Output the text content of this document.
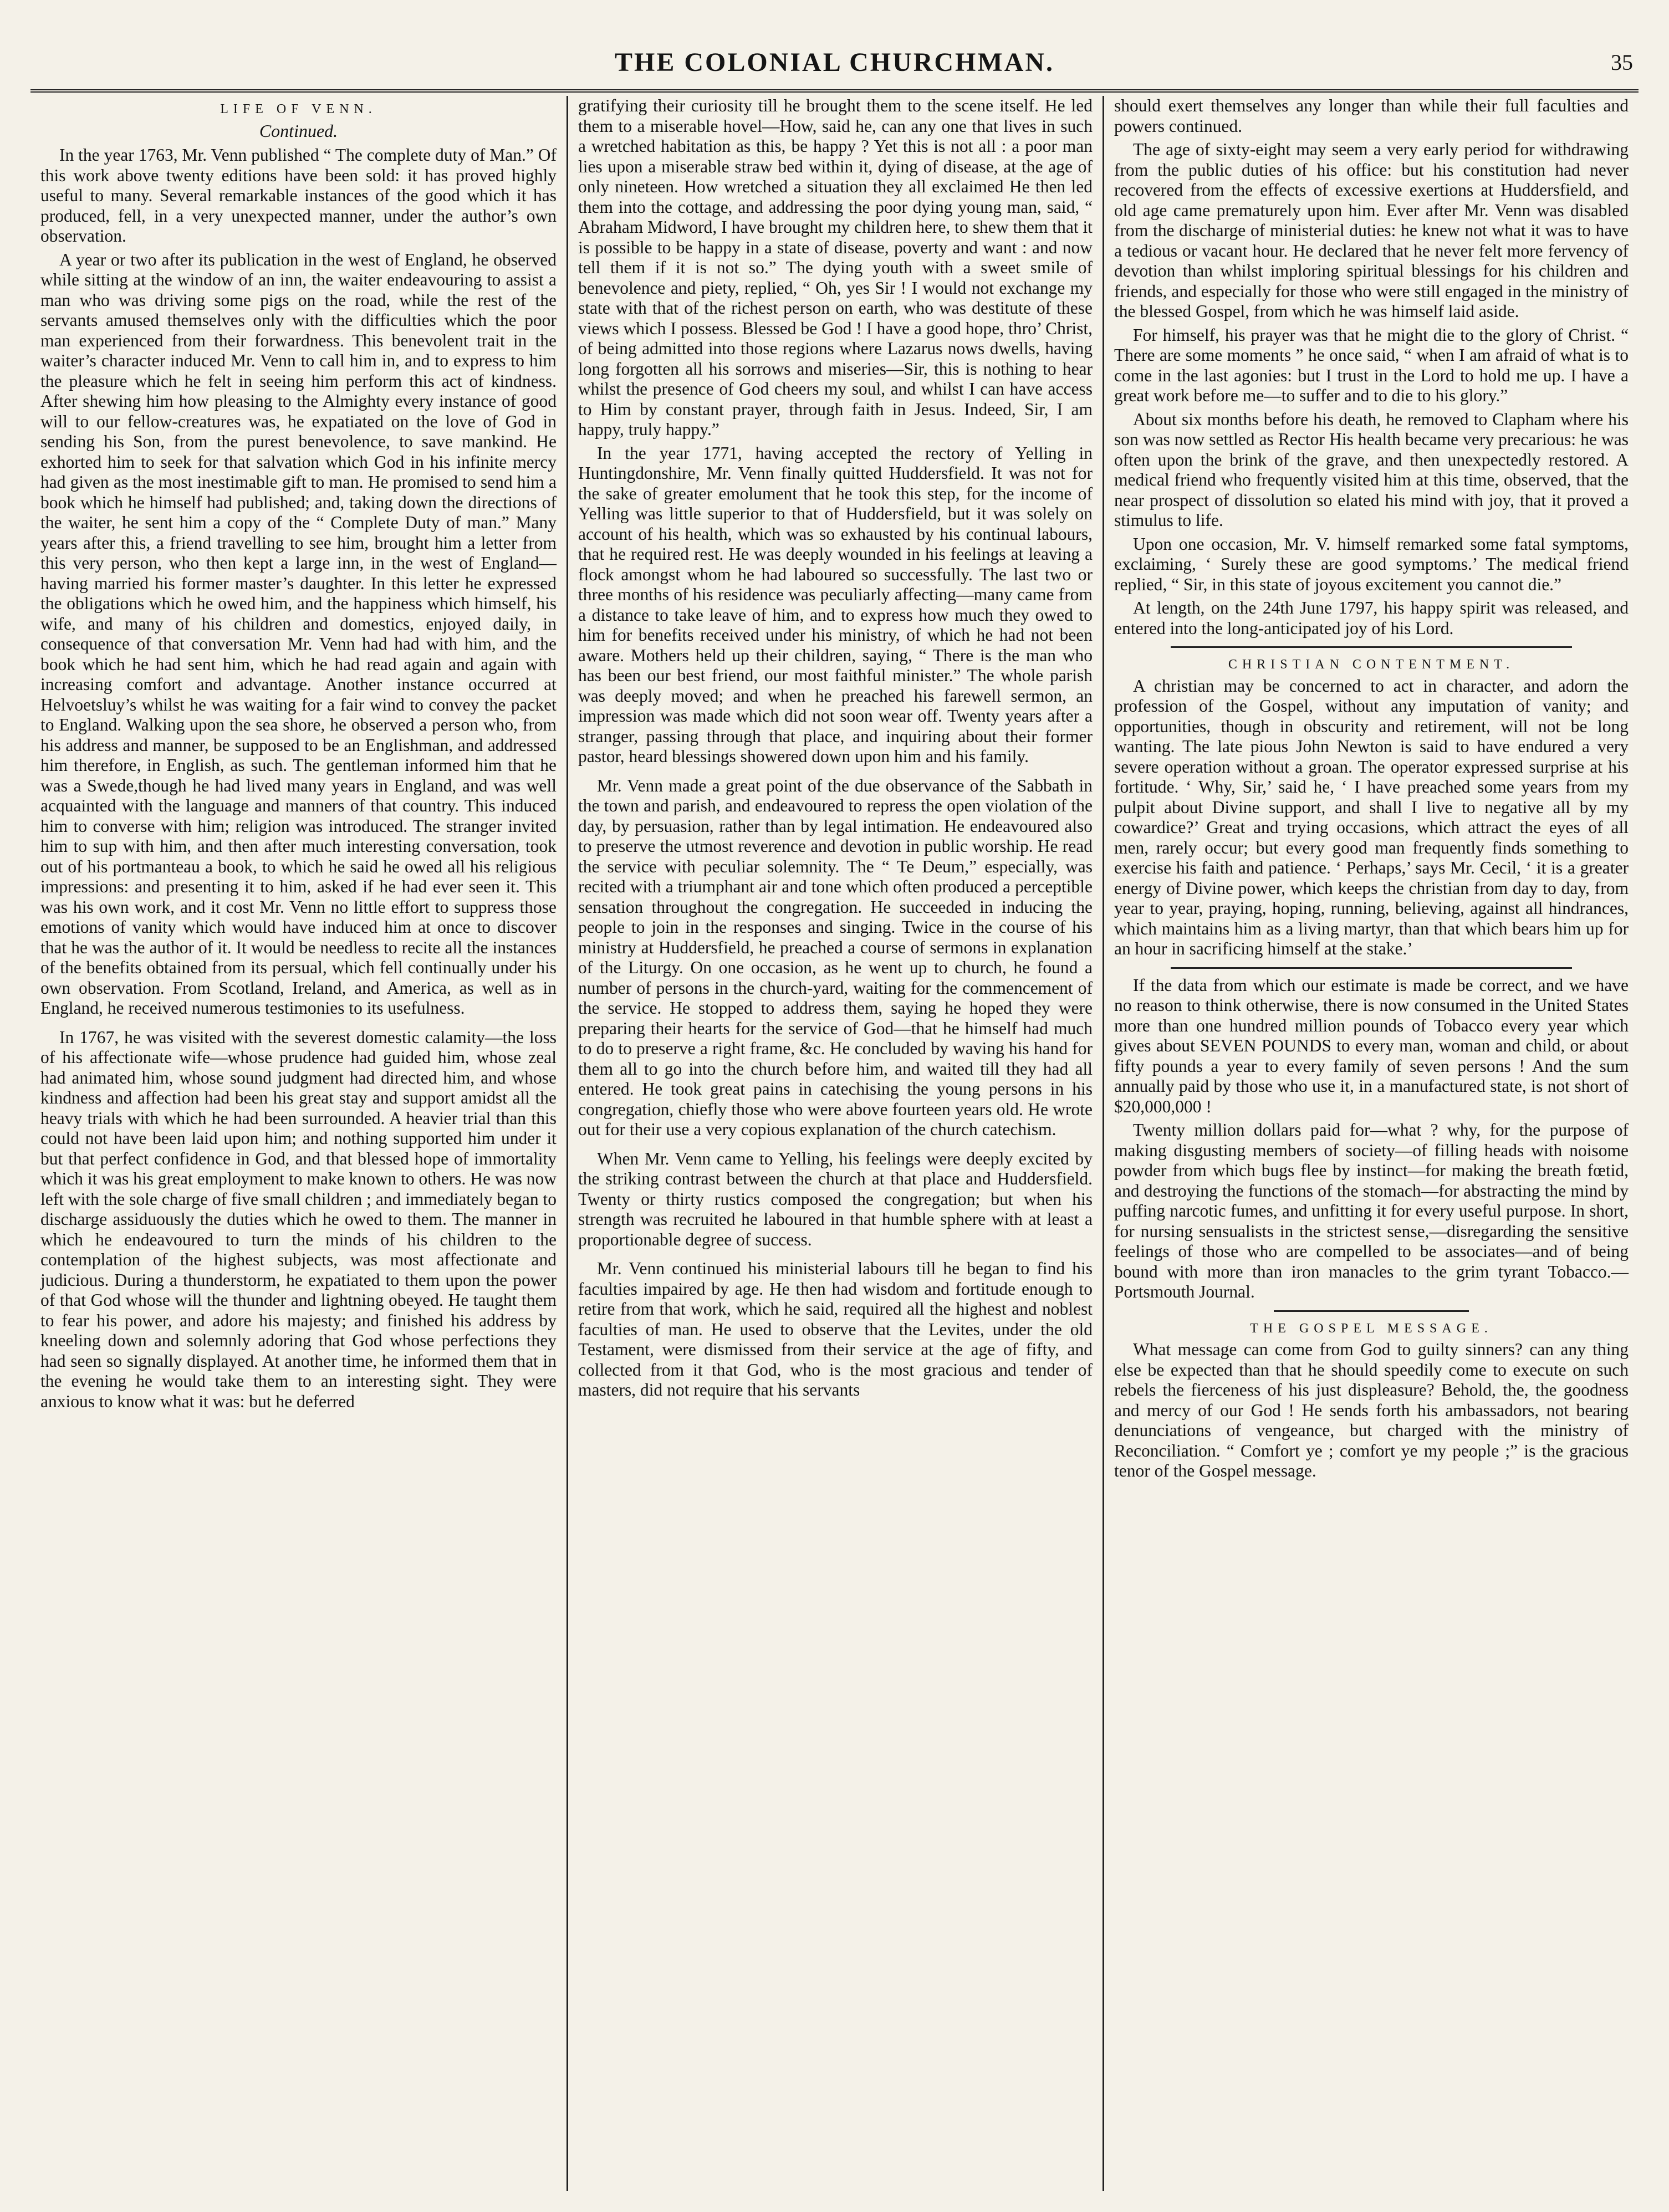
THE COLONIAL CHURCHMAN.	35
LIFE OF VENN.
Continued.

In the year 1763, Mr. Venn published “ The complete duty of Man.” Of this work above twenty editions have been sold: it has proved highly useful to many. Several remarkable instances of the good which it has produced, fell, in a very unexpected manner, under the author’s own observation.

A year or two after its publication in the west of England, he observed while sitting at the window of an inn, the waiter endeavouring to assist a man who was driving some pigs on the road, while the rest of the servants amused themselves only with the difficulties which the poor man experienced from their forwardness. This benevolent trait in the waiter’s character induced Mr. Venn to call him in, and to express to him the pleasure which he felt in seeing him perform this act of kindness. After shewing him how pleasing to the Almighty every instance of good will to our fellow-creatures was, he expatiated on the love of God in sending his Son, from the purest benevolence, to save mankind. He exhorted him to seek for that salvation which God in his infinite mercy had given as the most inestimable gift to man. He promised to send him a book which he himself had published; and, taking down the directions of the waiter, he sent him a copy of the “ Complete Duty of man.” Many years after this, a friend travelling to see him, brought him a letter from this very person, who then kept a large inn, in the west of England—having married his former master’s daughter. In this letter he expressed the obligations which he owed him, and the happiness which himself, his wife, and many of his children and domestics, enjoyed daily, in consequence of that conversation Mr. Venn had had with him, and the book which he had sent him, which he had read again and again with increasing comfort and advantage. Another instance occurred at Helvoetsluy’s whilst he was waiting for a fair wind to convey the packet to England. Walking upon the sea shore, he observed a person who, from his address and manner, be supposed to be an Englishman, and addressed him therefore, in English, as such. The gentleman informed him that he was a Swede,though he had lived many years in England, and was well acquainted with the language and manners of that country. This induced him to converse with him; religion was introduced. The stranger invited him to sup with him, and then after much interesting conversation, took out of his portmanteau a book, to which he said he owed all his religious impressions: and presenting it to him, asked if he had ever seen it. This was his own work, and it cost Mr. Venn no little effort to suppress those emotions of vanity which would have induced him at once to discover that he was the author of it. It would be needless to recite all the instances of the benefits obtained from its persual, which fell continually under his own observation. From Scotland, Ireland, and America, as well as in England, he received numerous testimonies to its usefulness.

In 1767, he was visited with the severest domestic calamity—the loss of his affectionate wife—whose prudence had guided him, whose zeal had animated him, whose sound judgment had directed him, and whose kindness and affection had been his great stay and support amidst all the heavy trials with which he had been surrounded. A heavier trial than this could not have been laid upon him; and nothing supported him under it but that perfect confidence in God, and that blessed hope of immortality which it was his great employment to make known to others. He was now left with the sole charge of five small children ; and immediately began to discharge assiduously the duties which he owed to them. The manner in which he endeavoured to turn the minds of his children to the contemplation of the highest subjects, was most affectionate and judicious. During a thunderstorm, he expatiated to them upon the power of that God whose will the thunder and lightning obeyed. He taught them to fear his power, and adore his majesty; and finished his address by kneeling down and solemnly adoring that God whose perfections they had seen so signally displayed. At another time, he informed them that in the evening he would take them to an interesting sight. They were anxious to know what it was: but he deferred

gratifying their curiosity till he brought them to the scene itself. He led them to a miserable hovel—How, said he, can any one that lives in such a wretched habitation as this, be happy ? Yet this is not all : a poor man lies upon a miserable straw bed within it, dying of disease, at the age of only nineteen. How wretched a situation they all exclaimed He then led them into the cottage, and addressing the poor dying young man, said, “ Abraham Midword, I have brought my children here, to shew them that it is possible to be happy in a state of disease, poverty and want : and now tell them if it is not so.” The dying youth with a sweet smile of benevolence and piety, replied, “ Oh, yes Sir ! I would not exchange my state with that of the richest person on earth, who was destitute of these views which I possess. Blessed be God ! I have a good hope, thro’ Christ, of being admitted into those regions where Lazarus nows dwells, having long forgotten all his sorrows and miseries—Sir, this is nothing to hear whilst the presence of God cheers my soul, and whilst I can have access to Him by constant prayer, through faith in Jesus. Indeed, Sir, I am happy, truly happy.”

In the year 1771, having accepted the rectory of Yelling in Huntingdonshire, Mr. Venn finally quitted Huddersfield. It was not for the sake of greater emolument that he took this step, for the income of Yelling was little superior to that of Huddersfield, but it was solely on account of his health, which was so exhausted by his continual labours, that he required rest. He was deeply wounded in his feelings at leaving a flock amongst whom he had laboured so successfully. The last two or three months of his residence was peculiarly affecting—many came from a distance to take leave of him, and to express how much they owed to him for benefits received under his ministry, of which he had not been aware. Mothers held up their children, saying, “ There is the man who has been our best friend, our most faithful minister.” The whole parish was deeply moved; and when he preached his farewell sermon, an impression was made which did not soon wear off. Twenty years after a stranger, passing through that place, and inquiring about their former pastor, heard blessings showered down upon him and his family.

Mr. Venn made a great point of the due observance of the Sabbath in the town and parish, and endeavoured to repress the open violation of the day, by persuasion, rather than by legal intimation. He endeavoured also to preserve the utmost reverence and devotion in public worship. He read the service with peculiar solemnity. The “ Te Deum,” especially, was recited with a triumphant air and tone which often produced a perceptible sensation throughout the congregation. He succeeded in inducing the people to join in the responses and singing. Twice in the course of his ministry at Huddersfield, he preached a course of sermons in explanation of the Liturgy. On one occasion, as he went up to church, he found a number of persons in the church-yard, waiting for the commencement of the service. He stopped to address them, saying he hoped they were preparing their hearts for the service of God—that he himself had much to do to preserve a right frame, &c. He concluded by waving his hand for them all to go into the church before him, and waited till they had all entered. He took great pains in catechising the young persons in his congregation, chiefly those who were above fourteen years old. He wrote out for their use a very copious explanation of the church catechism.

When Mr. Venn came to Yelling, his feelings were deeply excited by the striking contrast between the church at that place and Huddersfield. Twenty or thirty rustics composed the congregation; but when his strength was recruited he laboured in that humble sphere with at least a proportionable degree of success.

Mr. Venn continued his ministerial labours till he began to find his faculties impaired by age. He then had wisdom and fortitude enough to retire from that work, which he said, required all the highest and noblest faculties of man. He used to observe that the Levites, under the old Testament, were dismissed from their service at the age of fifty, and collected from it that God, who is the most gracious and tender of masters, did not require that his servants

should exert themselves any longer than while their full faculties and powers continued.

The age of sixty-eight may seem a very early period for withdrawing from the public duties of his office: but his constitution had never recovered from the effects of excessive exertions at Huddersfield, and old age came prematurely upon him. Ever after Mr. Venn was disabled from the discharge of ministerial duties: he knew not what it was to have a tedious or vacant hour. He declared that he never felt more fervency of devotion than whilst imploring spiritual blessings for his children and friends, and especially for those who were still engaged in the ministry of the blessed Gospel, from which he was himself laid aside.

For himself, his prayer was that he might die to the glory of Christ. “ There are some moments ” he once said, “ when I am afraid of what is to come in the last agonies: but I trust in the Lord to hold me up. I have a great work before me—to suffer and to die to his glory.”

About six months before his death, he removed to Clapham where his son was now settled as Rector His health became very precarious: he was often upon the brink of the grave, and then unexpectedly restored. A medical friend who frequently visited him at this time, observed, that the near prospect of dissolution so elated his mind with joy, that it proved a stimulus to life.

Upon one occasion, Mr. V. himself remarked some fatal symptoms, exclaiming, ‘ Surely these are good symptoms.’ The medical friend replied, “ Sir, in this state of joyous excitement you cannot die.”

At length, on the 24th June 1797, his happy spirit was released, and entered into the long-anticipated joy of his Lord.

CHRISTIAN CONTENTMENT.

A christian may be concerned to act in character, and adorn the profession of the Gospel, without any imputation of vanity; and opportunities, though in obscurity and retirement, will not be long wanting. The late pious John Newton is said to have endured a very severe operation without a groan. The operator expressed surprise at his fortitude. ‘ Why, Sir,’ said he, ‘ I have preached some years from my pulpit about Divine support, and shall I live to negative all by my cowardice?’ Great and trying occasions, which attract the eyes of all men, rarely occur; but every good man frequently finds something to exercise his faith and patience. ‘ Perhaps,’ says Mr. Cecil, ‘ it is a greater energy of Divine power, which keeps the christian from day to day, from year to year, praying, hoping, running, believing, against all hindrances, which maintains him as a living martyr, than that which bears him up for an hour in sacrificing himself at the stake.’

If the data from which our estimate is made be correct, and we have no reason to think otherwise, there is now consumed in the United States more than one hundred million pounds of Tobacco every year which gives about SEVEN POUNDS to every man, woman and child, or about fifty pounds a year to every family of seven persons ! And the sum annually paid by those who use it, in a manufactured state, is not short of $20,000,000 !

Twenty million dollars paid for—what ? why, for the purpose of making disgusting members of society—of filling heads with noisome powder from which bugs flee by instinct—for making the breath fœtid, and destroying the functions of the stomach—for abstracting the mind by puffing narcotic fumes, and unfitting it for every useful purpose. In short, for nursing sensualists in the strictest sense,—disregarding the sensitive feelings of those who are compelled to be associates—and of being bound with more than iron manacles to the grim tyrant Tobacco.—Portsmouth Journal.

THE GOSPEL MESSAGE.

What message can come from God to guilty sinners? can any thing else be expected than that he should speedily come to execute on such rebels the fierceness of his just displeasure? Behold, the, the goodness and mercy of our God ! He sends forth his ambassadors, not bearing denunciations of vengeance, but charged with the ministry of Reconciliation. “ Comfort ye ; comfort ye my people ;” is the gracious tenor of the Gospel message.
